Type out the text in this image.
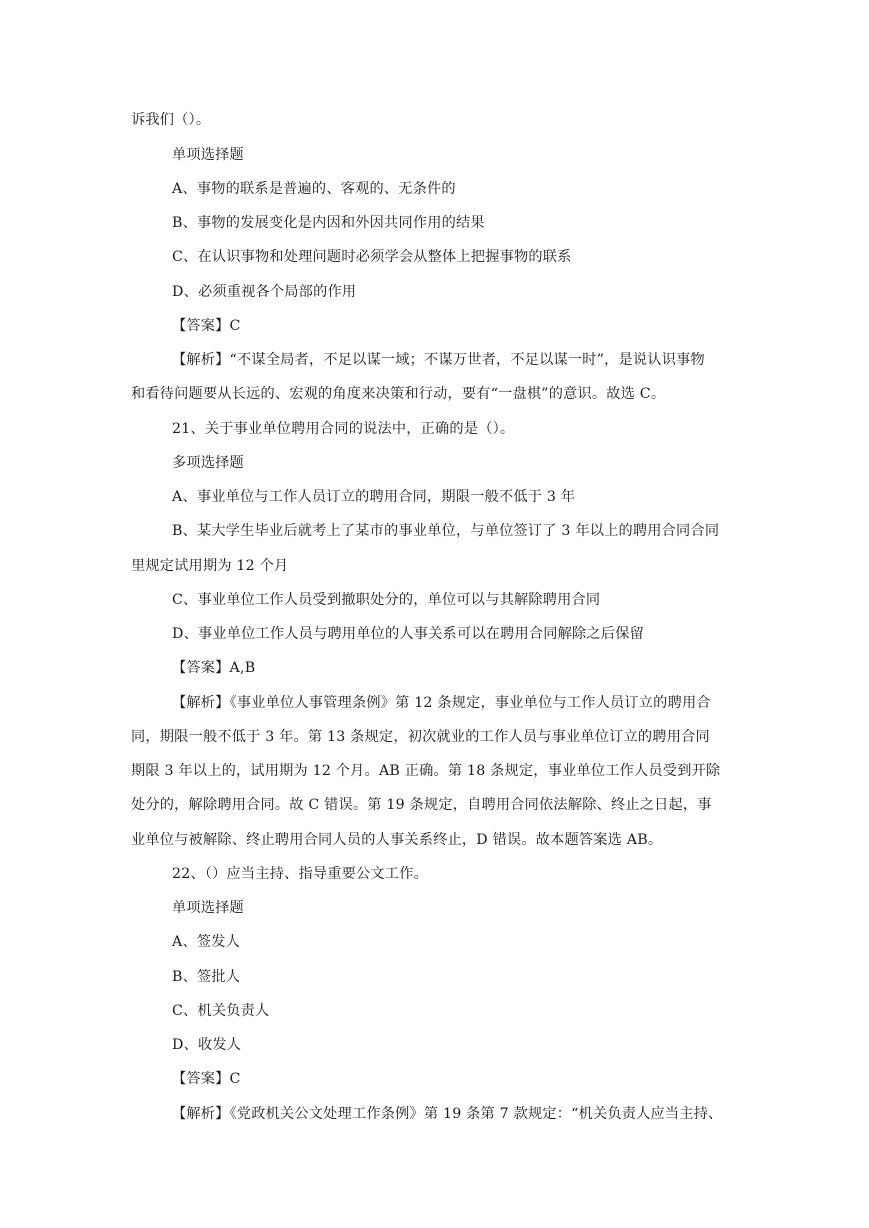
诉我们（）。
单项选择题
A、事物的联系是普遍的、客观的、无条件的
B、事物的发展变化是内因和外因共同作用的结果
C、在认识事物和处理问题时必须学会从整体上把握事物的联系
D、必须重视各个局部的作用
【答案】C
【解析】“不谋全局者，不足以谋一域；不谋万世者，不足以谋一时”，是说认识事物
和看待问题要从长远的、宏观的角度来决策和行动，要有“一盘棋”的意识。故选 C。
21、关于事业单位聘用合同的说法中，正确的是（）。
多项选择题
A、事业单位与工作人员订立的聘用合同，期限一般不低于 3 年
B、某大学生毕业后就考上了某市的事业单位，与单位签订了 3 年以上的聘用合同合同
里规定试用期为 12 个月
C、事业单位工作人员受到撤职处分的，单位可以与其解除聘用合同
D、事业单位工作人员与聘用单位的人事关系可以在聘用合同解除之后保留
【答案】A,B
【解析】《事业单位人事管理条例》第 12 条规定，事业单位与工作人员订立的聘用合
同，期限一般不低于 3 年。第 13 条规定，初次就业的工作人员与事业单位订立的聘用合同
期限 3 年以上的，试用期为 12 个月。AB 正确。第 18 条规定，事业单位工作人员受到开除
处分的，解除聘用合同。故 C 错误。第 19 条规定，自聘用合同依法解除、终止之日起，事
业单位与被解除、终止聘用合同人员的人事关系终止，D 错误。故本题答案选 AB。
22、（）应当主持、指导重要公文工作。
单项选择题
A、签发人
B、签批人
C、机关负责人
D、收发人
【答案】C
【解析】《党政机关公文处理工作条例》第 19 条第 7 款规定：“机关负责人应当主持、
